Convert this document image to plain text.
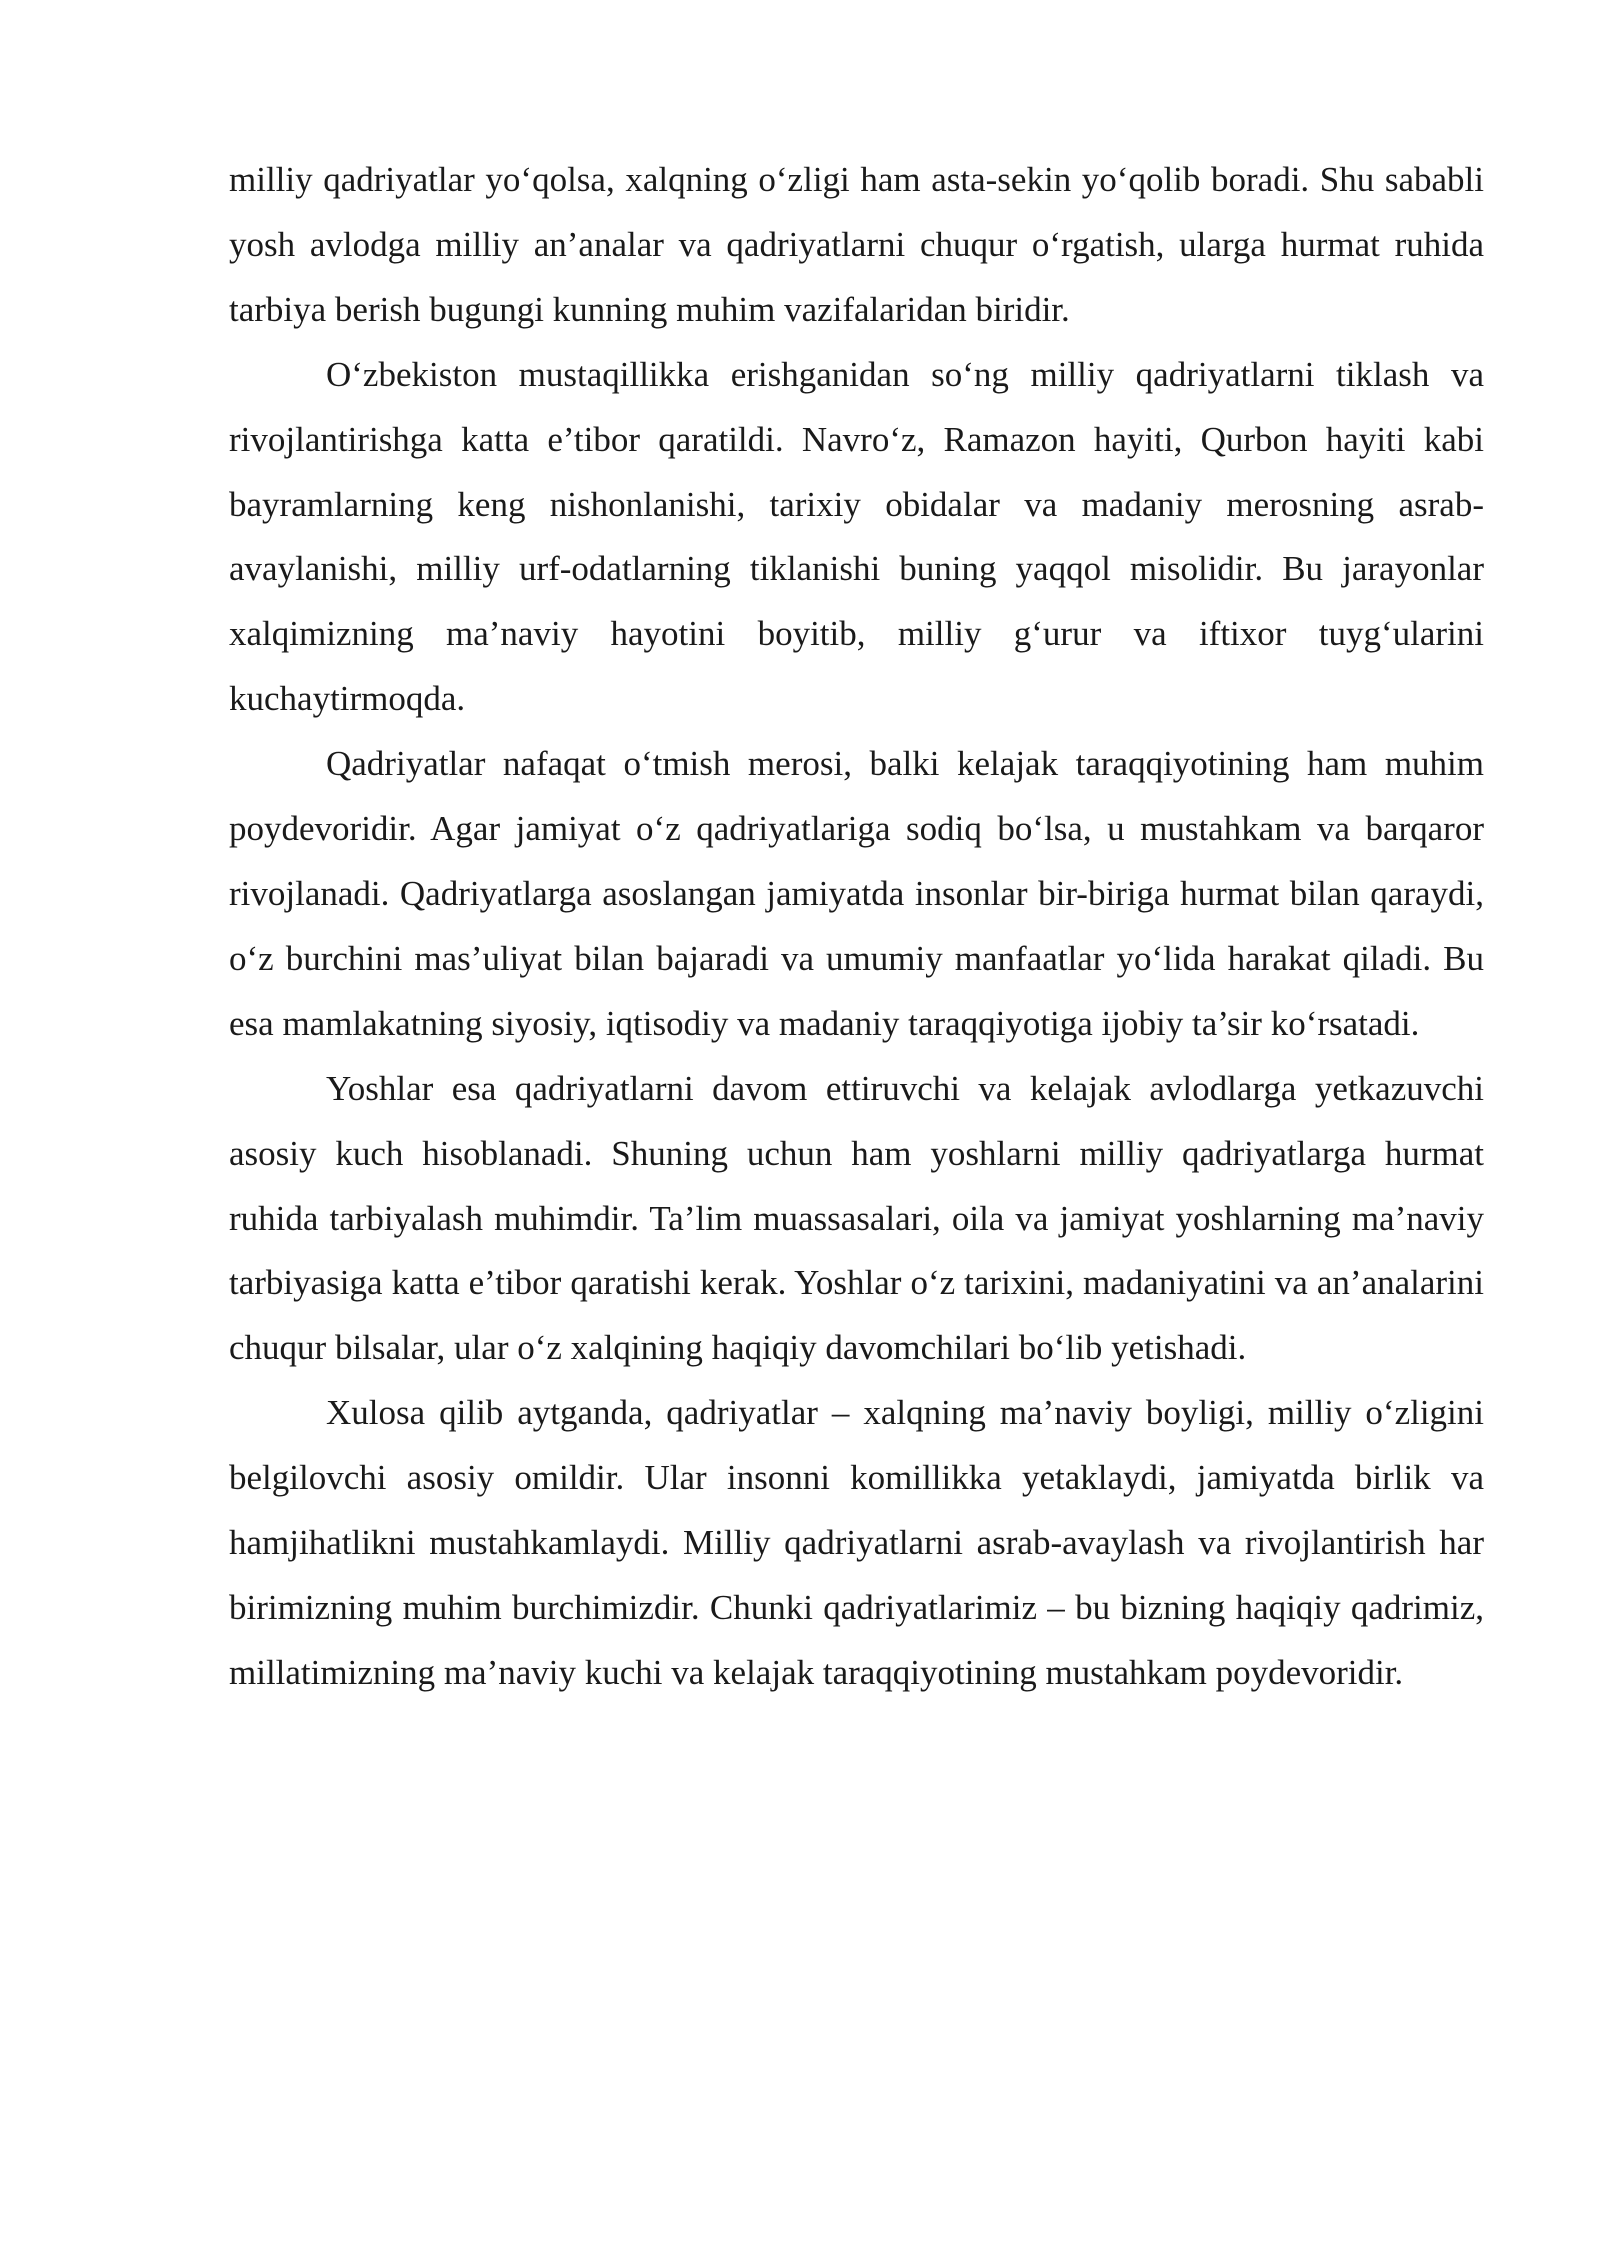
milliy qadriyatlar yo‘qolsa, xalqning o‘zligi ham asta-sekin yo‘qolib boradi. Shu sababli yosh avlodga milliy an’analar va qadriyatlarni chuqur o‘rgatish, ularga hurmat ruhida tarbiya berish bugungi kunning muhim vazifalaridan biridir.

O‘zbekiston mustaqillikka erishganidan so‘ng milliy qadriyatlarni tiklash va rivojlantirishga katta e’tibor qaratildi. Navro‘z, Ramazon hayiti, Qurbon hayiti kabi bayramlarning keng nishonlanishi, tarixiy obidalar va madaniy merosning asrab-avaylanishi, milliy urf-odatlarning tiklanishi buning yaqqol misolidir. Bu jarayonlar xalqimizning ma’naviy hayotini boyitib, milliy g‘urur va iftixor tuyg‘ularini kuchaytirmoqda.

Qadriyatlar nafaqat o‘tmish merosi, balki kelajak taraqqiyotining ham muhim poydevoridir. Agar jamiyat o‘z qadriyatlariga sodiq bo‘lsa, u mustahkam va barqaror rivojlanadi. Qadriyatlarga asoslangan jamiyatda insonlar bir-biriga hurmat bilan qaraydi, o‘z burchini mas’uliyat bilan bajaradi va umumiy manfaatlar yo‘lida harakat qiladi. Bu esa mamlakatning siyosiy, iqtisodiy va madaniy taraqqiyotiga ijobiy ta’sir ko‘rsatadi.

Yoshlar esa qadriyatlarni davom ettiruvchi va kelajak avlodlarga yetkazuvchi asosiy kuch hisoblanadi. Shuning uchun ham yoshlarni milliy qadriyatlarga hurmat ruhida tarbiyalash muhimdir. Ta’lim muassasalari, oila va jamiyat yoshlarning ma’naviy tarbiyasiga katta e’tibor qaratishi kerak. Yoshlar o‘z tarixini, madaniyatini va an’analarini chuqur bilsalar, ular o‘z xalqining haqiqiy davomchilari bo‘lib yetishadi.

Xulosa qilib aytganda, qadriyatlar – xalqning ma’naviy boyligi, milliy o‘zligini belgilovchi asosiy omildir. Ular insonni komillikka yetaklaydi, jamiyatda birlik va hamjihatlikni mustahkamlaydi. Milliy qadriyatlarni asrab-avaylash va rivojlantirish har birimizning muhim burchimizdir. Chunki qadriyatlarimiz – bu bizning haqiqiy qadrimiz, millatimizning ma’naviy kuchi va kelajak taraqqiyotining mustahkam poydevoridir.
